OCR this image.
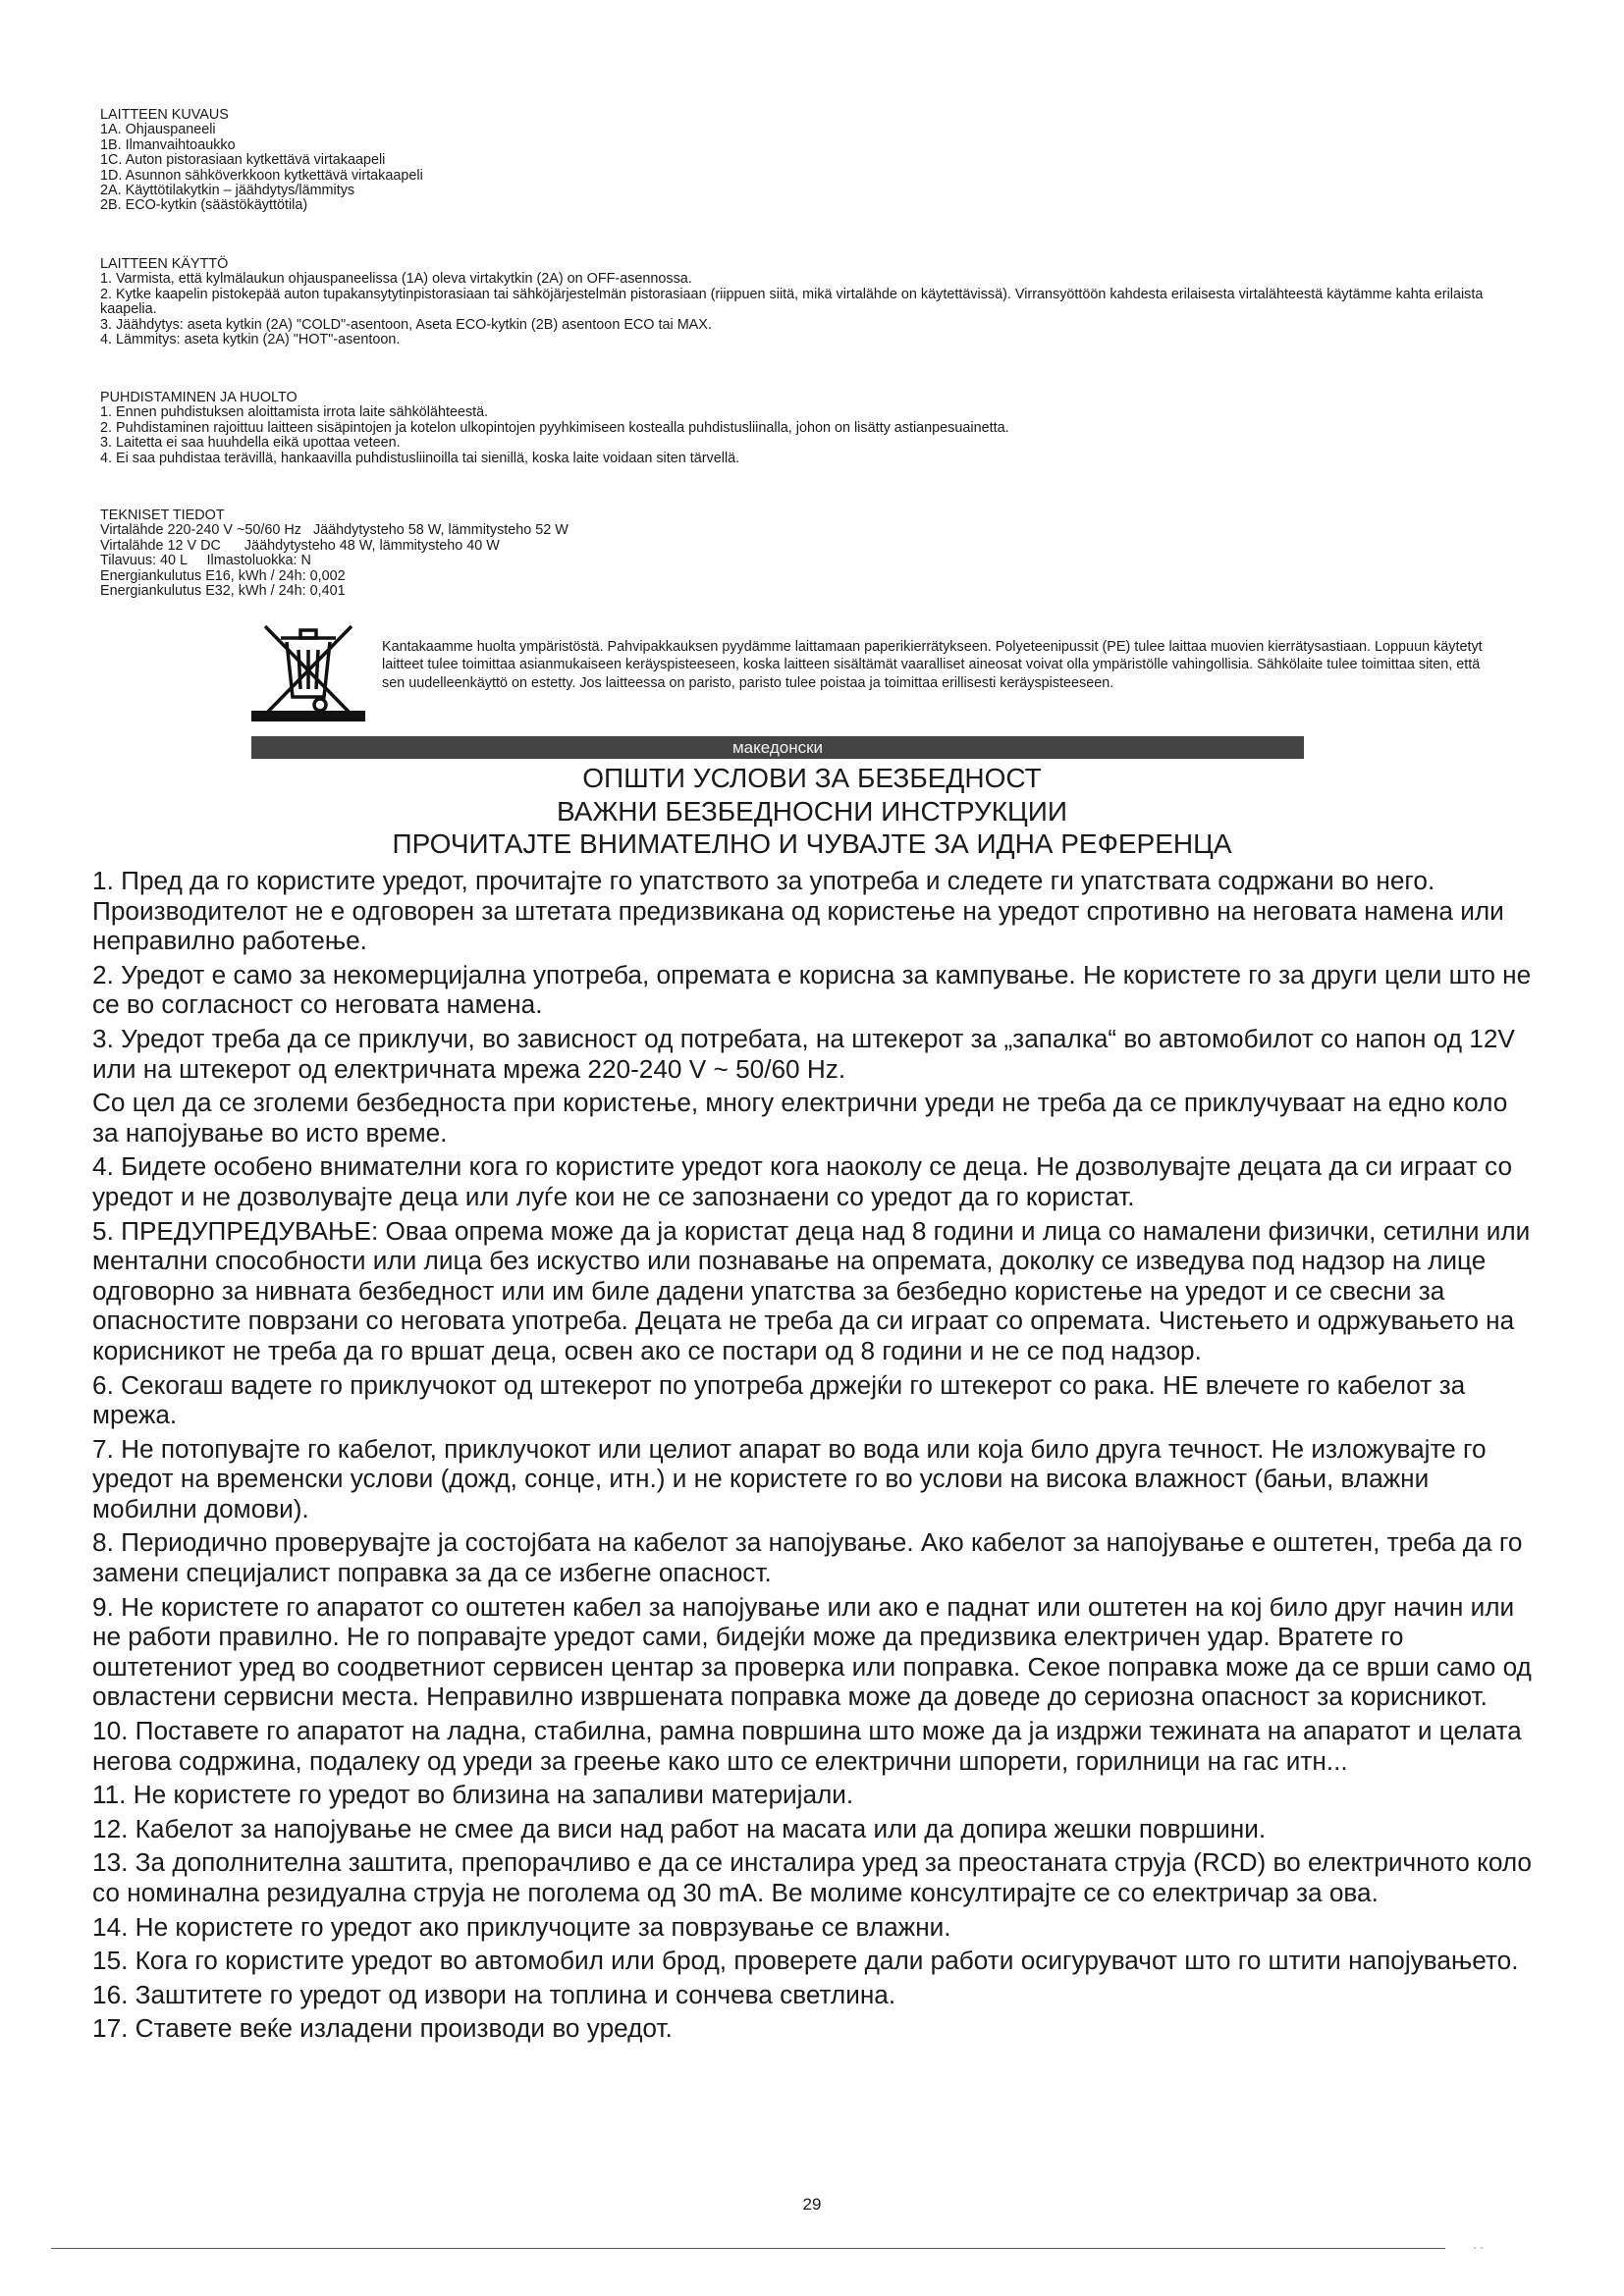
LAITTEEN KUVAUS
1A. Ohjauspaneeli
1B. Ilmanvaihtoaukko
1C. Auton pistorasiaan kytkettävä virtakaapeli
1D. Asunnon sähköverkkoon kytkettävä virtakaapeli
2A. Käyttötilakytkin – jäähdytys/lämmitys
2B. ECO-kytkin (säästökäyttötila)
LAITTEEN KÄYTTÖ
1. Varmista, että kylmälaukun ohjauspaneelissa (1A) oleva virtakytkin (2A) on OFF-asennossa.
2. Kytke kaapelin pistokepää auton tupakansytytinpistorasiaan tai sähköjärjestelmän pistorasiaan (riippuen siitä, mikä virtalähde on käytettävissä). Virransyöttöön kahdesta erilaisesta virtalähteestä käytämme kahta erilaista kaapelia.
3. Jäähdytys: aseta kytkin (2A) "COLD"-asentoon, Aseta ECO-kytkin (2B) asentoon ECO tai MAX.
4. Lämmitys: aseta kytkin (2A) "HOT"-asentoon.
PUHDISTAMINEN JA HUOLTO
1. Ennen puhdistuksen aloittamista irrota laite sähkölähteestä.
2. Puhdistaminen rajoittuu laitteen sisäpintojen ja kotelon ulkopintojen pyyhkimiseen kostealla puhdistusliinalla, johon on lisätty astianpesuainetta.
3. Laitetta ei saa huuhdella eikä upottaa veteen.
4. Ei saa puhdistaa terävillä, hankaavilla puhdistusliinoilla tai sienillä, koska laite voidaan siten tärvellä.
TEKNISET TIEDOT
Virtalähde 220-240 V ~50/60 Hz   Jäähdytysteho 58 W, lämmitysteho 52 W
Virtalähde 12 V DC      Jäähdytysteho 48 W, lämmitysteho 40 W
Tilavuus: 40 L     Ilmastoluokka: N
Energiankulutus E16, kWh / 24h: 0,002
Energiankulutus E32, kWh / 24h: 0,401
Kantakaamme huolta ympäristöstä. Pahvipakkauksen pyydämme laittamaan paperikierrätykseen. Polyeteenipussit (PE) tulee laittaa muovien kierrätysastiaan. Loppuun käytetyt laitteet tulee toimittaa asianmukaiseen keräyspisteeseen, koska laitteen sisältämät vaaralliset aineosat voivat olla ympäristölle vahingollisia. Sähkölaite tulee toimittaa siten, että sen uudelleenkäyttö on estetty. Jos laitteessa on paristo, paristo tulee poistaa ja toimittaa erillisesti keräyspisteeseen.
македонски
ОПШТИ УСЛОВИ ЗА БЕЗБЕДНОСТ
ВАЖНИ БЕЗБЕДНОСНИ ИНСТРУКЦИИ
ПРОЧИТАЈТЕ ВНИМАТЕЛНО И ЧУВАЈТЕ ЗА ИДНА РЕФЕРЕНЦА

1. Пред да го користите уредот, прочитајте го упатството за употреба и следете ги упатствата содржани во него. Производителот не е одговорен за штетата предизвикана од користење на уредот спротивно на неговата намена или неправилно работење.

2. Уредот е само за некомерцијална употреба, опремата е корисна за кампување. Не користете го за други цели што не се во согласност со неговата намена.

3. Уредот треба да се приклучи, во зависност од потребата, на штекерот за „запалка“ во автомобилот со напон од 12V или на штекерот од електричната мрежа 220-240 V ~ 50/60 Hz.

Со цел да се зголеми безбедноста при користење, многу електрични уреди не треба да се приклучуваат на едно коло за напојување во исто време.

4. Бидете особено внимателни кога го користите уредот кога наоколу се деца. Не дозволувајте децата да си играат со уредот и не дозволувајте деца или луѓе кои не се запознаени со уредот да го користат.

5. ПРЕДУПРЕДУВАЊЕ: Оваа опрема може да ја користат деца над 8 години и лица со намалени физички, сетилни или ментални способности или лица без искуство или познавање на опремата, доколку се изведува под надзор на лице одговорно за нивната безбедност или им биле дадени упатства за безбедно користење на уредот и се свесни за опасностите поврзани со неговата употреба. Децата не треба да си играат со опремата. Чистењето и одржувањето на корисникот не треба да го вршат деца, освен ако се постари од 8 години и не се под надзор.

6. Секогаш вадете го приклучокот од штекерот по употреба држејќи го штекерот со рака. НЕ влечете го кабелот за мрежа.

7. Не потопувајте го кабелот, приклучокот или целиот апарат во вода или која било друга течност. Не изложувајте го уредот на временски услови (дожд, сонце, итн.) и не користете го во услови на висока влажност (бањи, влажни мобилни домови).

8. Периодично проверувајте ја состојбата на кабелот за напојување. Ако кабелот за напојување е оштетен, треба да го замени специјалист поправка за да се избегне опасност.

9. Не користете го апаратот со оштетен кабел за напојување или ако е паднат или оштетен на кој било друг начин или не работи правилно. Не го поправајте уредот сами, бидејќи може да предизвика електричен удар. Вратете го оштетениот уред во соодветниот сервисен центар за проверка или поправка. Секое поправка може да се врши само од овластени сервисни места. Неправилно извршената поправка може да доведе до сериозна опасност за корисникот.

10. Поставете го апаратот на ладна, стабилна, рамна површина што може да ја издржи тежината на апаратот и целата негова содржина, подалеку од уреди за греење како што се електрични шпорети, горилници на гас итн...

11. Не користете го уредот во близина на запаливи материјали.

12. Кабелот за напојување не смее да виси над работ на масата или да допира жешки површини.

13. За дополнителна заштита, препорачливо е да се инсталира уред за преостаната струја (RCD) во електричното коло со номинална резидуална струја не поголема од 30 mA. Ве молиме консултирајте се со електричар за ова.

14. Не користете го уредот ако приклучоците за поврзување се влажни.

15. Кога го користите уредот во автомобил или брод, проверете дали работи осигурувачот што го штити напојувањето.

16. Заштитете го уредот од извори на топлина и сончева светлина.

17. Ставете веќе изладени производи во уредот.

29
··
